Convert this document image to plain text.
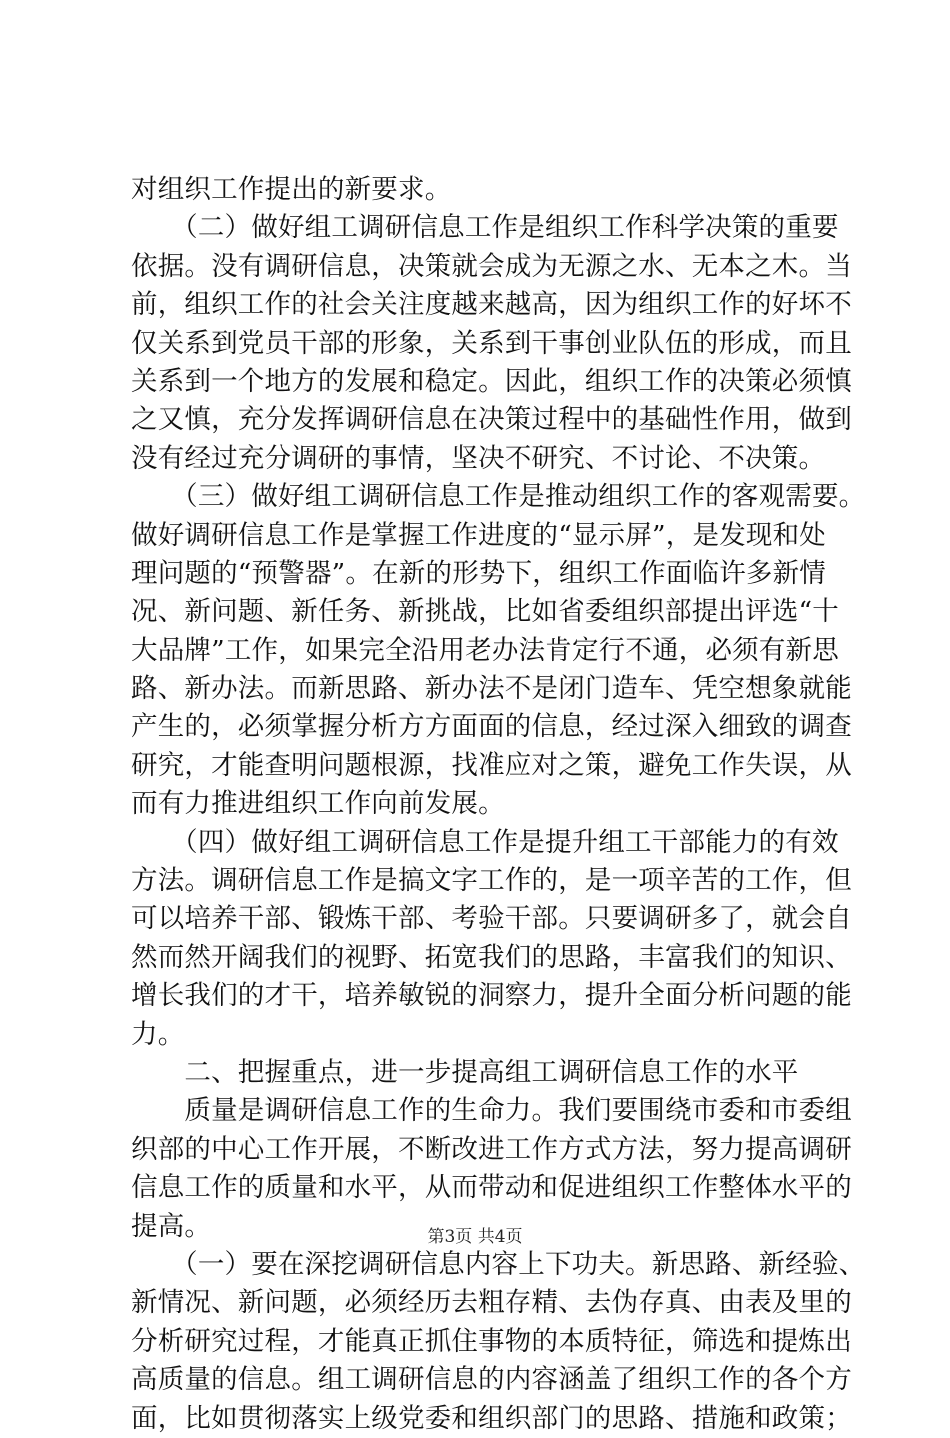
对组织工作提出的新要求。
　　（二）做好组工调研信息工作是组织工作科学决策的重要
依据。没有调研信息，决策就会成为无源之水、无本之木。当
前，组织工作的社会关注度越来越高，因为组织工作的好坏不
仅关系到党员干部的形象，关系到干事创业队伍的形成，而且
关系到一个地方的发展和稳定。因此，组织工作的决策必须慎
之又慎，充分发挥调研信息在决策过程中的基础性作用，做到
没有经过充分调研的事情，坚决不研究、不讨论、不决策。
　　（三）做好组工调研信息工作是推动组织工作的客观需要。
做好调研信息工作是掌握工作进度的“显示屏”，是发现和处
理问题的“预警器”。在新的形势下，组织工作面临许多新情
况、新问题、新任务、新挑战，比如省委组织部提出评选“十
大品牌”工作，如果完全沿用老办法肯定行不通，必须有新思
路、新办法。而新思路、新办法不是闭门造车、凭空想象就能
产生的，必须掌握分析方方面面的信息，经过深入细致的调查
研究，才能查明问题根源，找准应对之策，避免工作失误，从
而有力推进组织工作向前发展。
　　（四）做好组工调研信息工作是提升组工干部能力的有效
方法。调研信息工作是搞文字工作的，是一项辛苦的工作，但
可以培养干部、锻炼干部、考验干部。只要调研多了，就会自
然而然开阔我们的视野、拓宽我们的思路，丰富我们的知识、
增长我们的才干，培养敏锐的洞察力，提升全面分析问题的能
力。
　　二、把握重点，进一步提高组工调研信息工作的水平
　　质量是调研信息工作的生命力。我们要围绕市委和市委组
织部的中心工作开展，不断改进工作方式方法，努力提高调研
信息工作的质量和水平，从而带动和促进组织工作整体水平的
提高。
　　（一）要在深挖调研信息内容上下功夫。新思路、新经验、
新情况、新问题，必须经历去粗存精、去伪存真、由表及里的
分析研究过程，才能真正抓住事物的本质特征，筛选和提炼出
高质量的信息。组工调研信息的内容涵盖了组织工作的各个方
面，比如贯彻落实上级党委和组织部门的思路、措施和政策；
第3页 共4页
